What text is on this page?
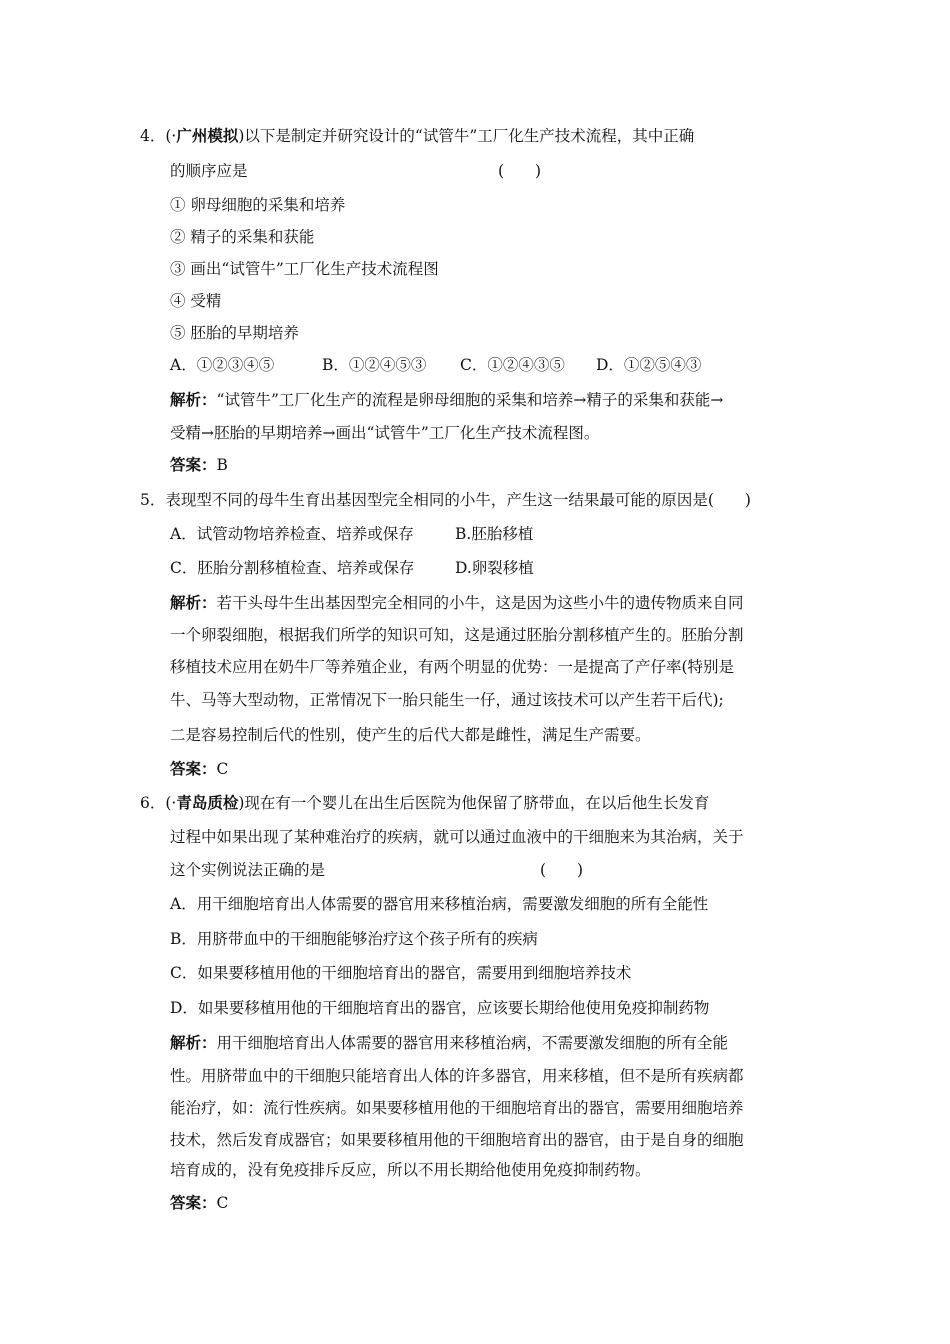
4．(·广州模拟)以下是制定并研究设计的“试管牛”工厂化生产技术流程，其中正确
的顺序应是	(　　)
① 卵母细胞的采集和培养
② 精子的采集和获能
③ 画出“试管牛”工厂化生产技术流程图
④ 受精
⑤ 胚胎的早期培养
A．①②③④⑤	B．①②④⑤③ C．①②④③⑤ D．①②⑤④③
解析：“试管牛”工厂化生产的流程是卵母细胞的采集和培养→精子的采集和获能→
受精→胚胎的早期培养→画出“试管牛”工厂化生产技术流程图。
答案：B
5．表现型不同的母牛生育出基因型完全相同的小牛，产生这一结果最可能的原因是(　　)
A．试管动物培养检查、培养或保存	B.胚胎移植
C．胚胎分割移植检查、培养或保存	D.卵裂移植
解析：若干头母牛生出基因型完全相同的小牛，这是因为这些小牛的遗传物质来自同
一个卵裂细胞，根据我们所学的知识可知，这是通过胚胎分割移植产生的。胚胎分割
移植技术应用在奶牛厂等养殖企业，有两个明显的优势：一是提高了产仔率(特别是
牛、马等大型动物，正常情况下一胎只能生一仔，通过该技术可以产生若干后代);
二是容易控制后代的性别，使产生的后代大都是雌性，满足生产需要。
答案：C
6．(·青岛质检)现在有一个婴儿在出生后医院为他保留了脐带血，在以后他生长发育
过程中如果出现了某种难治疗的疾病，就可以通过血液中的干细胞来为其治病，关于
这个实例说法正确的是	(　　)
A．用干细胞培育出人体需要的器官用来移植治病，需要激发细胞的所有全能性
B．用脐带血中的干细胞能够治疗这个孩子所有的疾病
C．如果要移植用他的干细胞培育出的器官，需要用到细胞培养技术
D．如果要移植用他的干细胞培育出的器官，应该要长期给他使用免疫抑制药物
解析：用干细胞培育出人体需要的器官用来移植治病，不需要激发细胞的所有全能
性。用脐带血中的干细胞只能培育出人体的许多器官，用来移植，但不是所有疾病都
能治疗，如：流行性疾病。如果要移植用他的干细胞培育出的器官，需要用细胞培养
技术，然后发育成器官；如果要移植用他的干细胞培育出的器官，由于是自身的细胞
培育成的，没有免疫排斥反应，所以不用长期给他使用免疫抑制药物。
答案：C
